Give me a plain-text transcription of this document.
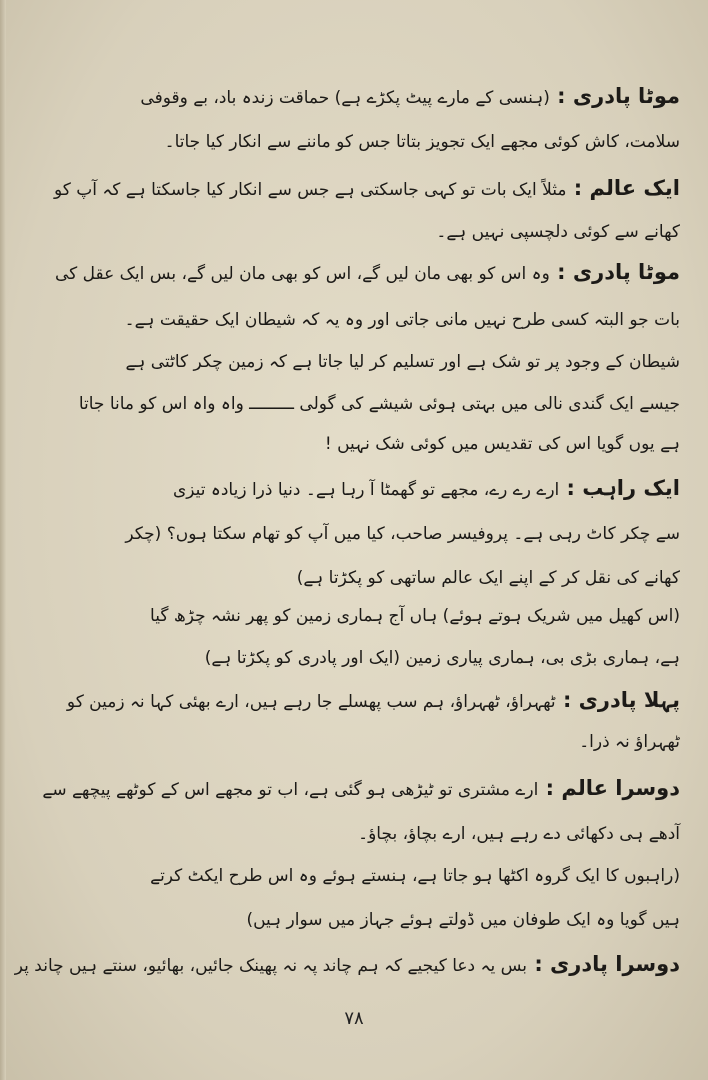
موٹا پادری : (ہنسی کے مارے پیٹ پکڑے ہے) حماقت زندہ باد، بے وقوفی
سلامت، کاش کوئی مجھے ایک تجویز بتاتا جس کو ماننے سے انکار کیا جاتا۔
ایک عالم : مثلاً ایک بات تو کہی جاسکتی ہے جس سے انکار کیا جاسکتا ہے کہ آپ کو
کھانے سے کوئی دلچسپی نہیں ہے۔
موٹا پادری : وہ اس کو بھی مان لیں گے، اس کو بھی مان لیں گے، بس ایک عقل کی
بات جو البتہ کسی طرح نہیں مانی جاتی اور وہ یہ کہ شیطان ایک حقیقت ہے۔
شیطان کے وجود پر تو شک ہے اور تسلیم کر لیا جاتا ہے کہ زمین چکر کاٹتی ہے
جیسے ایک گندی نالی میں بہتی ہوئی شیشے کی گولی ـــــــــ واہ واہ اس کو مانا جاتا
ہے یوں گویا اس کی تقدیس میں کوئی شک نہیں !
ایک راہب : ارے رے رے، مجھے تو گھمٹا آ رہا ہے۔ دنیا ذرا زیادہ تیزی
سے چکر کاٹ رہی ہے۔ پروفیسر صاحب، کیا میں آپ کو تھام سکتا ہوں؟ (چکر
کھانے کی نقل کر کے اپنے ایک عالم ساتھی کو پکڑتا ہے)
(اس کھیل میں شریک ہوتے ہوئے) ہاں آج ہماری زمین کو پھر نشہ چڑھ گیا
ہے، ہماری بڑی بی، ہماری پیاری زمین (ایک اور پادری کو پکڑتا ہے)
پہلا پادری : ٹھہراؤ، ٹھہراؤ، ہم سب پھسلے جا رہے ہیں، ارے بھئی کہا نہ زمین کو
ٹھہراؤ نہ ذرا۔
دوسرا عالم : ارے مشتری تو ٹیڑھی ہو گئی ہے، اب تو مجھے اس کے کوٹھے پیچھے سے
آدھے ہی دکھائی دے رہے ہیں، ارے بچاؤ، بچاؤ۔
(راہبوں کا ایک گروہ اکٹھا ہو جاتا ہے، ہنستے ہوئے وہ اس طرح ایکٹ کرتے
ہیں گویا وہ ایک طوفان میں ڈولتے ہوئے جہاز میں سوار ہیں)
دوسرا پادری : بس یہ دعا کیجیے کہ ہم چاند پہ نہ پھینک جائیں، بھائیو، سنتے ہیں چاند پر
۷۸
